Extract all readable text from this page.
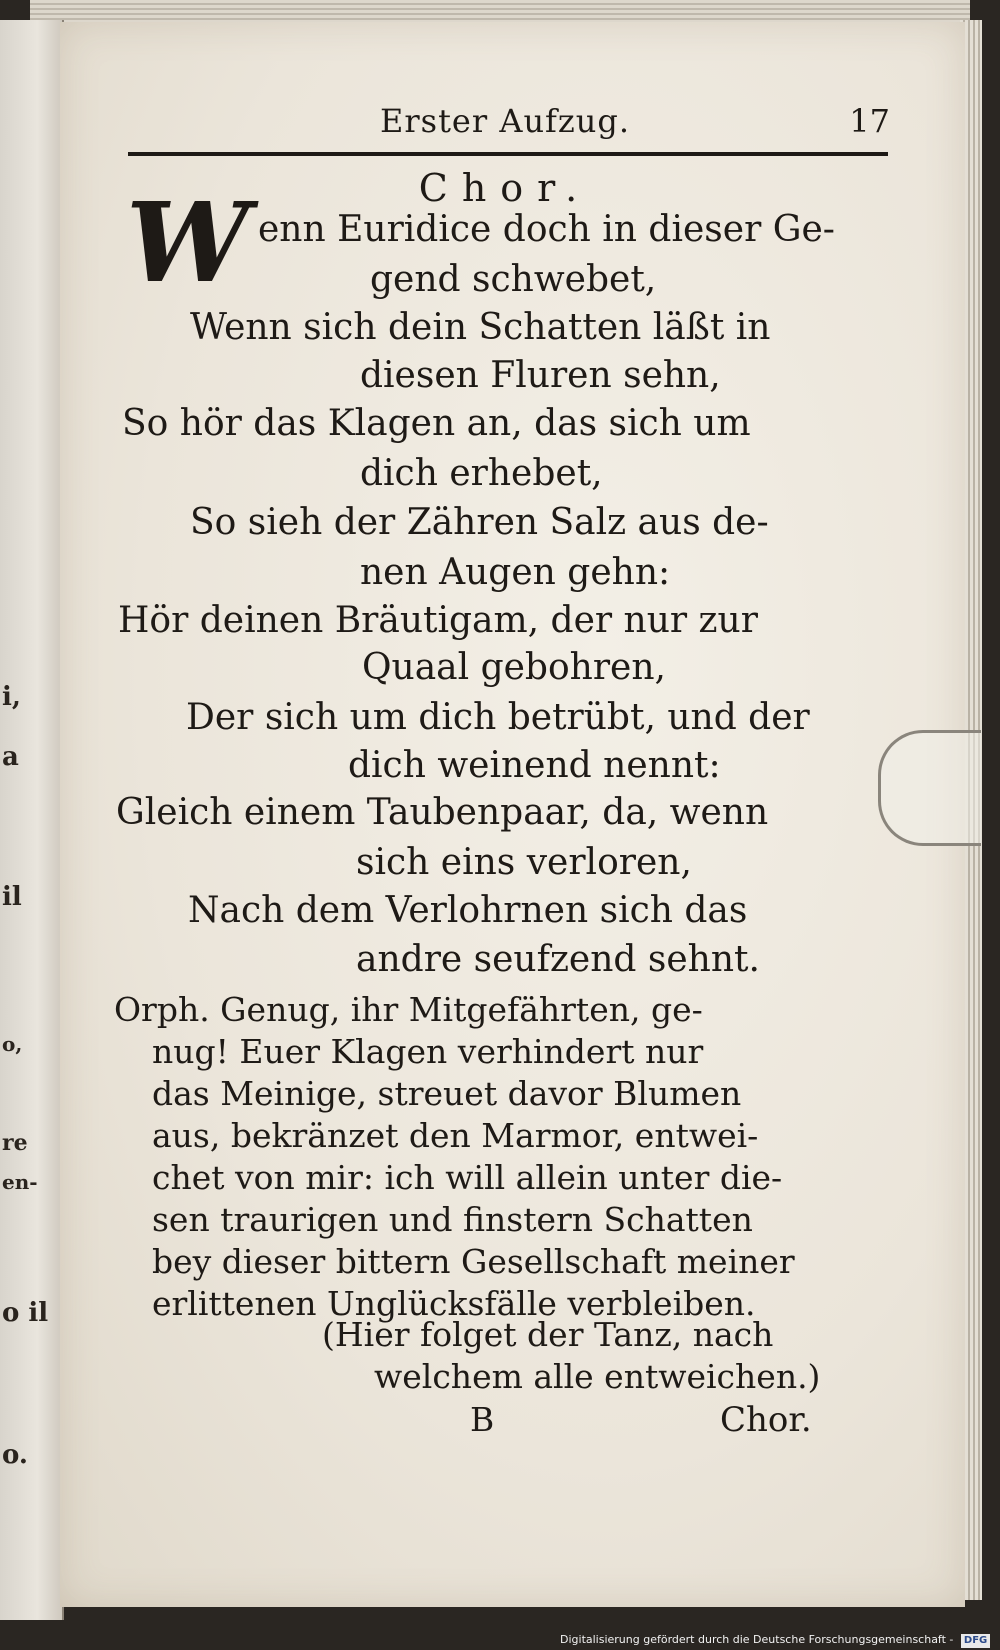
i,
a
il
o,
re
en-
o il
o.
Erster Aufzug.	17
Chor.
W enn Euridice doch in dieser Ge-
gend schwebet,
Wenn sich dein Schatten läßt in
diesen Fluren sehn,
So hör das Klagen an, das sich um
dich erhebet,
So sieh der Zähren Salz aus de-
nen Augen gehn:
Hör deinen Bräutigam, der nur zur
Quaal gebohren,
Der sich um dich betrübt, und der
dich weinend nennt:
Gleich einem Taubenpaar, da, wenn
sich eins verloren,
Nach dem Verlohrnen sich das
andre seufzend sehnt.
Orph. Genug, ihr Mitgefährten, ge-
nug! Euer Klagen verhindert nur
das Meinige, streuet davor Blumen
aus, bekränzet den Marmor, entwei-
chet von mir: ich will allein unter die-
sen traurigen und finstern Schatten
bey dieser bittern Gesellschaft meiner
erlittenen Unglücksfälle verbleiben.
(Hier folget der Tanz, nach
welchem alle entweichen.)
B	Chor.
Digitalisierung gefördert durch die Deutsche Forschungsgemeinschaft - DFG
